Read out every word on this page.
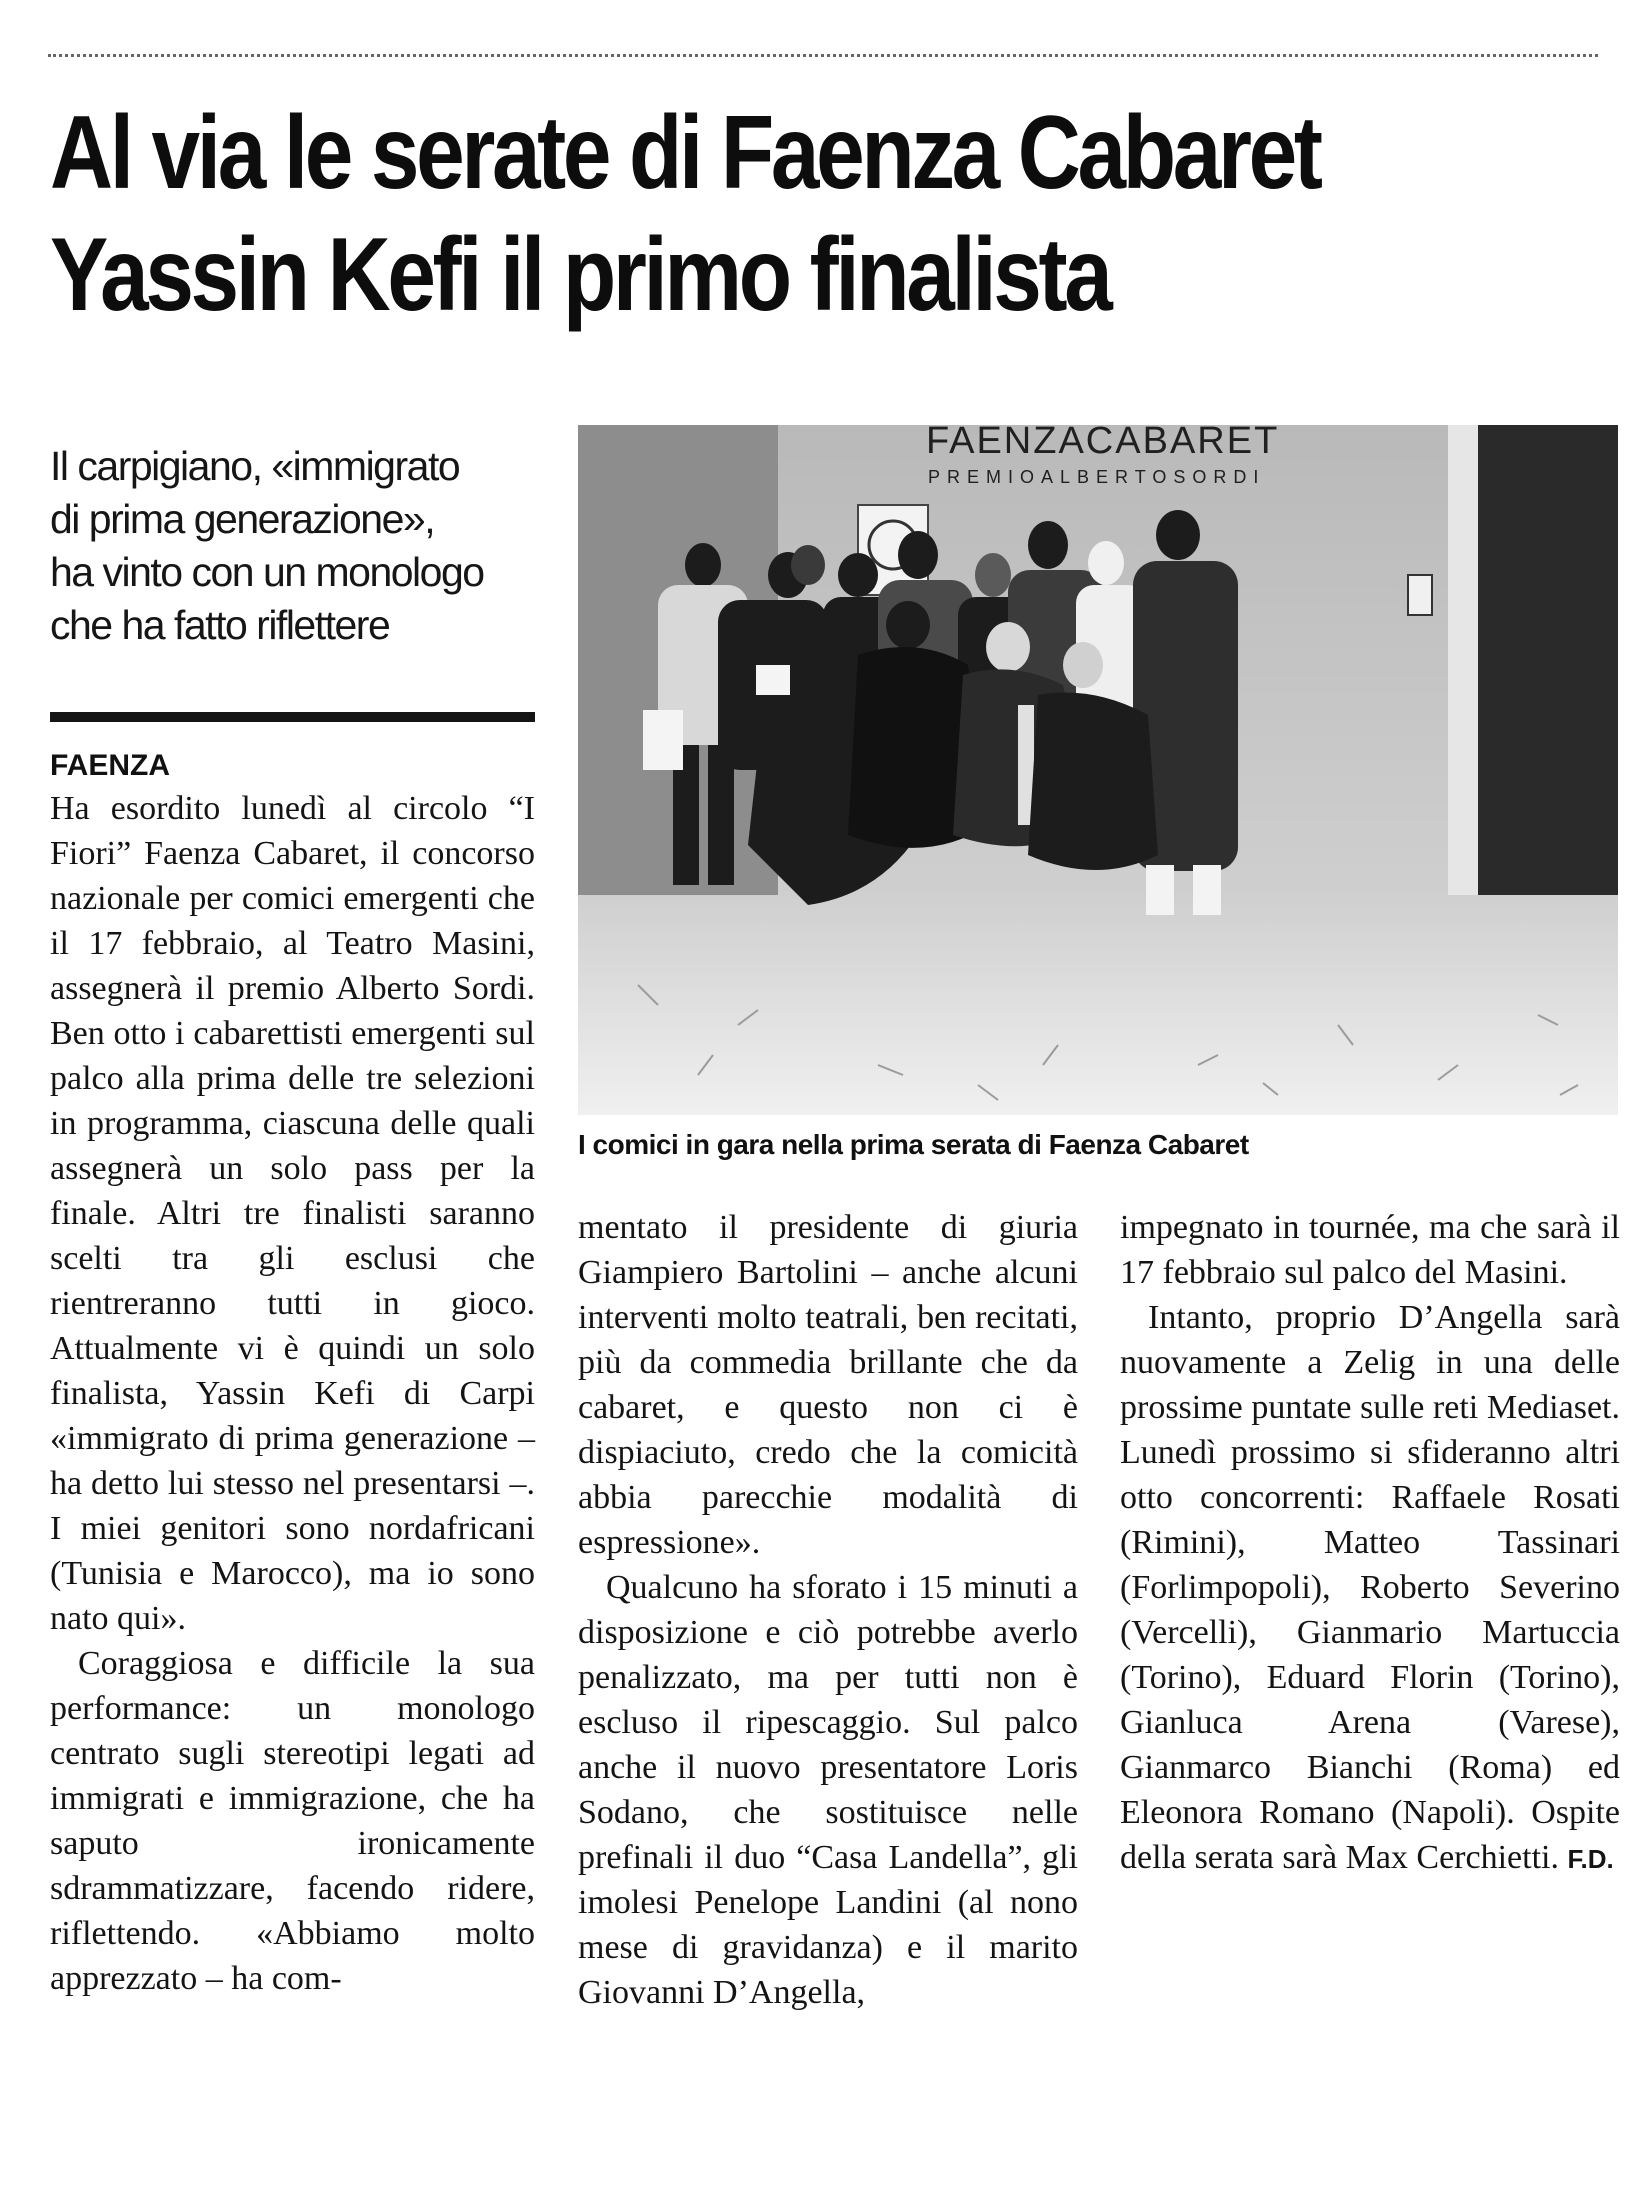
Al via le serate di Faenza Cabaret
Yassin Kefi il primo finalista
Il carpigiano, «immigrato
di prima generazione»,
ha vinto con un monologo
che ha fatto riflettere
FAENZA

Ha esordito lunedì al circolo “I Fiori” Faenza Cabaret, il concorso nazionale per comici emergenti che il 17 febbraio, al Teatro Masini, assegnerà il premio Alberto Sordi. Ben otto i cabarettisti emergenti sul palco alla prima delle tre selezioni in programma, ciascuna delle quali assegnerà un solo pass per la finale. Altri tre finalisti saranno scelti tra gli esclusi che rientreranno tutti in gioco. Attualmente vi è quindi un solo finalista, Yassin Kefi di Carpi «immigrato di prima generazione – ha detto lui stesso nel presentarsi –. I miei genitori sono nordafricani (Tunisia e Marocco), ma io sono nato qui».

Coraggiosa e difficile la sua performance: un monologo centrato sugli stereotipi legati ad immigrati e immigrazione, che ha saputo ironicamente sdrammatizzare, facendo ridere, riflettendo. «Abbiamo molto apprezzato – ha com-

FAENZACABARET
PREMIOALBERTOSORDI
I comici in gara nella prima serata di Faenza Cabaret

mentato il presidente di giuria Giampiero Bartolini – anche alcuni interventi molto teatrali, ben recitati, più da commedia brillante che da cabaret, e questo non ci è dispiaciuto, credo che la comicità abbia parecchie modalità di espressione».

Qualcuno ha sforato i 15 minuti a disposizione e ciò potrebbe averlo penalizzato, ma per tutti non è escluso il ripescaggio. Sul palco anche il nuovo presentatore Loris Sodano, che sostituisce nelle prefinali il duo “Casa Landella”, gli imolesi Penelope Landini (al nono mese di gravidanza) e il marito Giovanni D’Angella,

impegnato in tournée, ma che sarà il 17 febbraio sul palco del Masini.

Intanto, proprio D’Angella sarà nuovamente a Zelig in una delle prossime puntate sulle reti Mediaset. Lunedì prossimo si sfideranno altri otto concorrenti: Raffaele Rosati (Rimini), Matteo Tassinari (Forlimpopoli), Roberto Severino (Vercelli), Gianmario Martuccia (Torino), Eduard Florin (Torino), Gianluca Arena (Varese), Gianmarco Bianchi (Roma) ed Eleonora Romano (Napoli). Ospite della serata sarà Max Cerchietti. F.D.
